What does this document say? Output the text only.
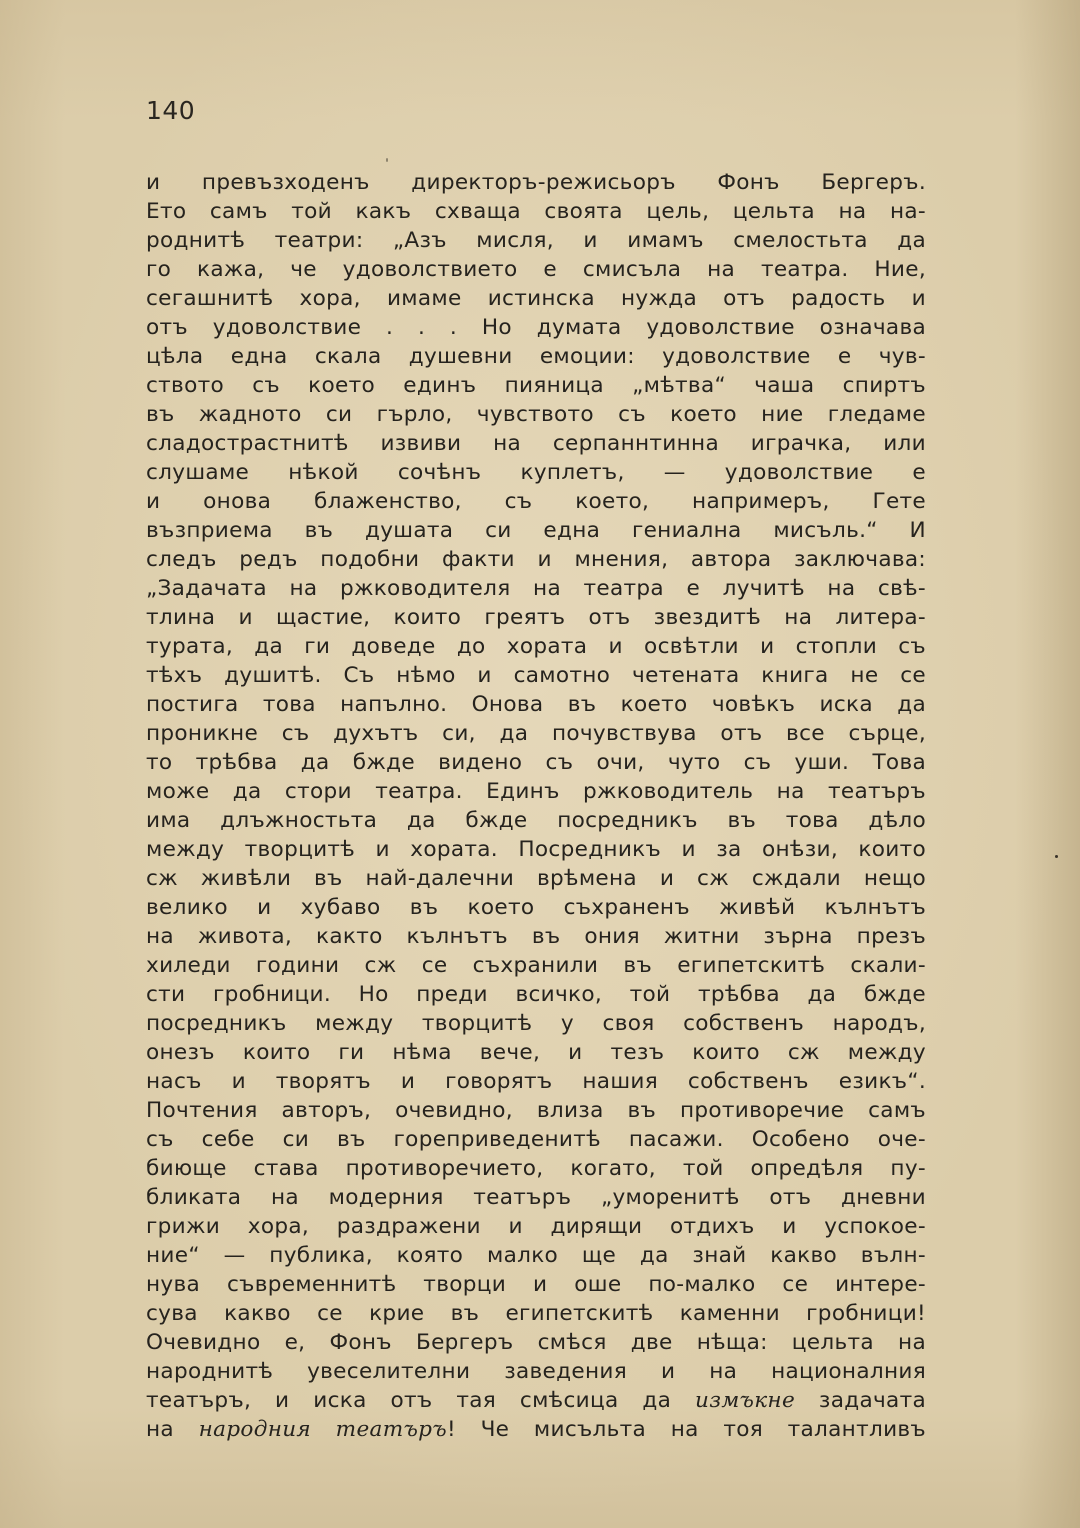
140
и превъзходенъ директоръ-режисьоръ Фонъ Бергеръ.
Ето самъ той какъ схваща своята цель, цельта на на-
роднитѣ театри: „Азъ мисля, и имамъ смелостьта да
го кажа, че удоволствието е смисъла на театра. Ние,
сегашнитѣ хора, имаме истинска нужда отъ радость и
отъ удоволствие . . . Но думата удоволствие означава
цѣла една скала душевни емоции: удоволствие е чув-
ството съ което единъ пияница „мѣтва“ чаша спиртъ
въ жадното си гърло, чувството съ което ние гледаме
сладострастнитѣ извиви на серпаннтинна играчка, или
слушаме нѣкой сочѣнъ куплетъ, — удоволствие е
и онова блаженство, съ което, напримеръ, Гете
възприема въ душата си една гениална мисъль.“ И
следъ редъ подобни факти и мнения, автора заключава:
„Задачата на ржководителя на театра е лучитѣ на свѣ-
тлина и щастие, които греятъ отъ звездитѣ на литера-
турата, да ги доведе до хората и освѣтли и стопли съ
тѣхъ душитѣ. Съ нѣмо и самотно четената книга не се
постига това напълно. Онова въ което човѣкъ иска да
проникне съ духътъ си, да почувствува отъ все сърце,
то трѣбва да бжде видено съ очи, чуто съ уши. Това
може да стори театра. Единъ ржководитель на театъръ
има длъжностьта да бжде посредникъ въ това дѣло
между творцитѣ и хората. Посредникъ и за онѣзи, които
сж живѣли въ най-далечни врѣмена и сж сждали нещо
велико и хубаво въ което съхраненъ живѣй кълнътъ
на живота, както кълнътъ въ ония житни зърна презъ
хиледи години сж се съхранили въ египетскитѣ скали-
сти гробници. Но преди всичко, той трѣбва да бжде
посредникъ между творцитѣ у своя собственъ народъ,
онезъ които ги нѣма вече, и тезъ които сж между
насъ и творятъ и говорятъ нашия собственъ езикъ“.
Почтения авторъ, очевидно, влиза въ противоречие самъ
съ себе си въ гореприведенитѣ пасажи. Особено оче-
биюще става противоречието, когато, той опредѣля пу-
бликата на модерния театъръ „уморенитѣ отъ дневни
грижи хора, раздражени и дирящи отдихъ и успокое-
ние“ — публика, която малко ще да знай какво вълн-
нува съвременнитѣ творци и оше по-малко се интере-
сува какво се крие въ египетскитѣ каменни гробници!
Очевидно е, Фонъ Бергеръ смѣся две нѣща: цельта на
народнитѣ увеселителни заведения и на националния
театъръ, и иска отъ тая смѣсица да измъкне задачата
на народния театъръ! Че мисъльта на тоя талантливъ
